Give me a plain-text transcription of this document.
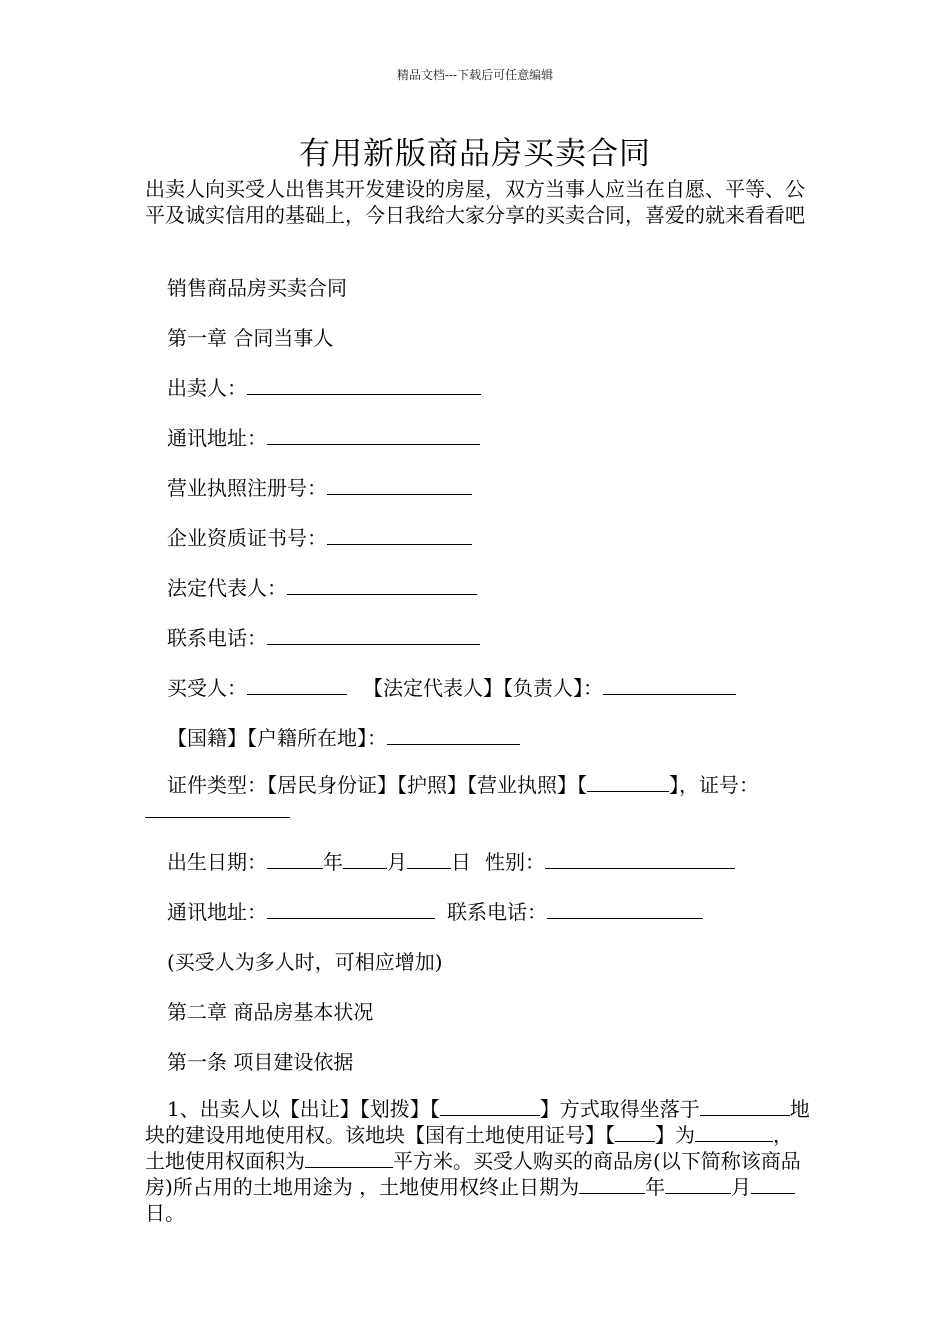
精品文档---下载后可任意编辑
有用新版商品房买卖合同
出卖人向买受人出售其开发建设的房屋，双方当事人应当在自愿、平等、公平及诚实信用的基础上，今日我给大家分享的买卖合同，喜爱的就来看看吧
销售商品房买卖合同
第一章 合同当事人
出卖人：
通讯地址：
营业执照注册号：
企业资质证书号：
法定代表人：
联系电话：
买受人：	【法定代表人】【负责人】：
【国籍】【户籍所在地】：
证件类型：【居民身份证】【护照】【营业执照】【	】，证号：
出生日期：	年 月 日 性别：
通讯地址：	联系电话：
(买受人为多人时，可相应增加)
第二章 商品房基本状况
第一条 项目建设依据
1、出卖人以【出让】【划拨】【	】方式取得坐落于	地块的建设用地使用权。该地块【国有土地使用证号】【 】为	，土地使用权面积为	平方米。买受人购买的商品房(以下简称该商品房)所占用的土地用途为 ，土地使用权终止日期为	年	月日。
